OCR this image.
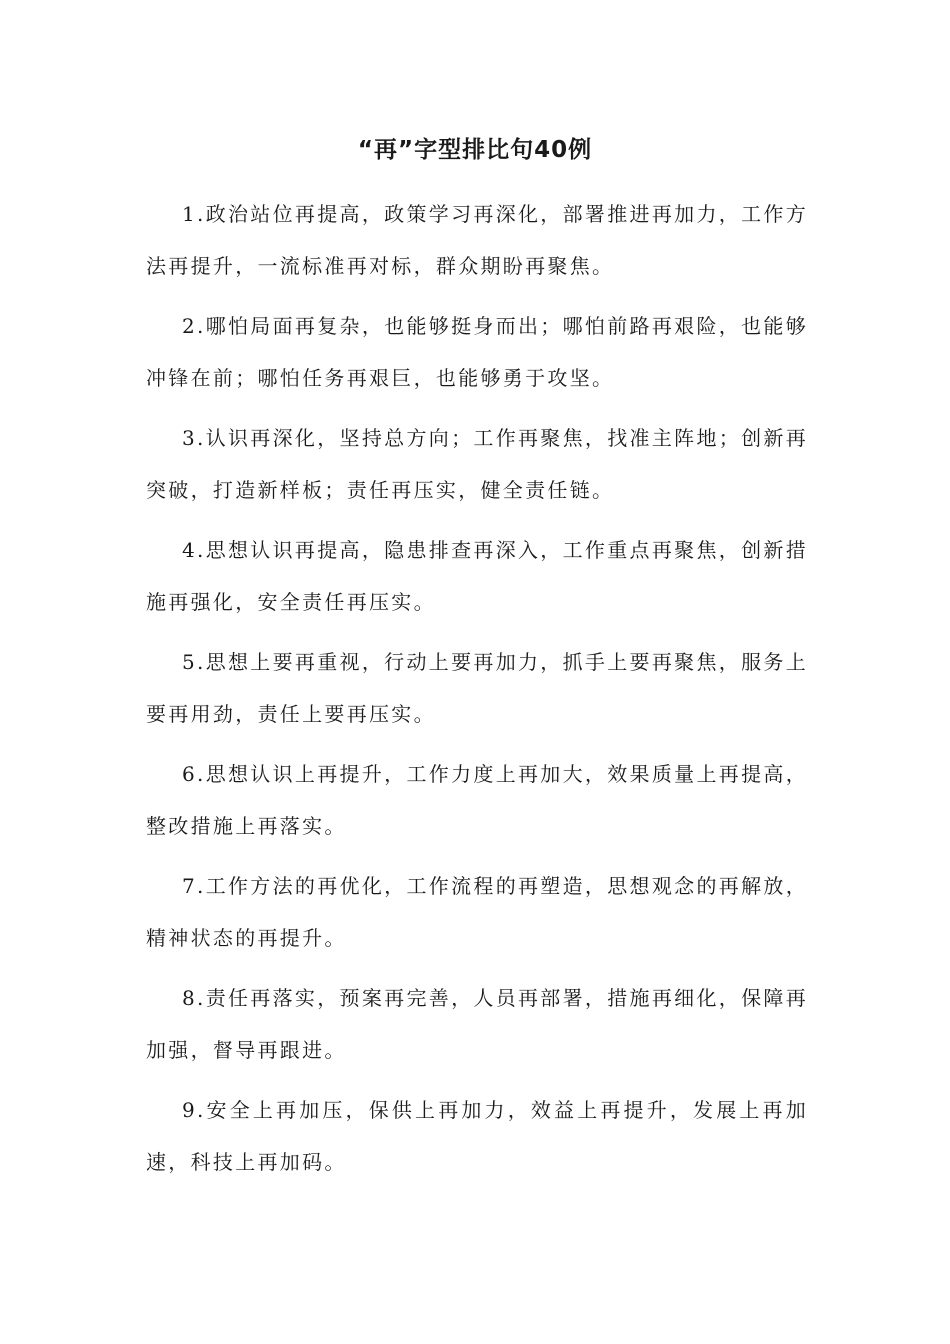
“再”字型排比句40例

1.政治站位再提高，政策学习再深化，部署推进再加力，工作方法再提升，一流标准再对标，群众期盼再聚焦。

2.哪怕局面再复杂，也能够挺身而出；哪怕前路再艰险，也能够冲锋在前；哪怕任务再艰巨，也能够勇于攻坚。

3.认识再深化，坚持总方向；工作再聚焦，找准主阵地；创新再突破，打造新样板；责任再压实，健全责任链。

4.思想认识再提高，隐患排查再深入，工作重点再聚焦，创新措施再强化，安全责任再压实。

5.思想上要再重视，行动上要再加力，抓手上要再聚焦，服务上要再用劲，责任上要再压实。

6.思想认识上再提升，工作力度上再加大，效果质量上再提高，整改措施上再落实。

7.工作方法的再优化，工作流程的再塑造，思想观念的再解放，精神状态的再提升。

8.责任再落实，预案再完善，人员再部署，措施再细化，保障再加强，督导再跟进。

9.安全上再加压，保供上再加力，效益上再提升，发展上再加速，科技上再加码。
